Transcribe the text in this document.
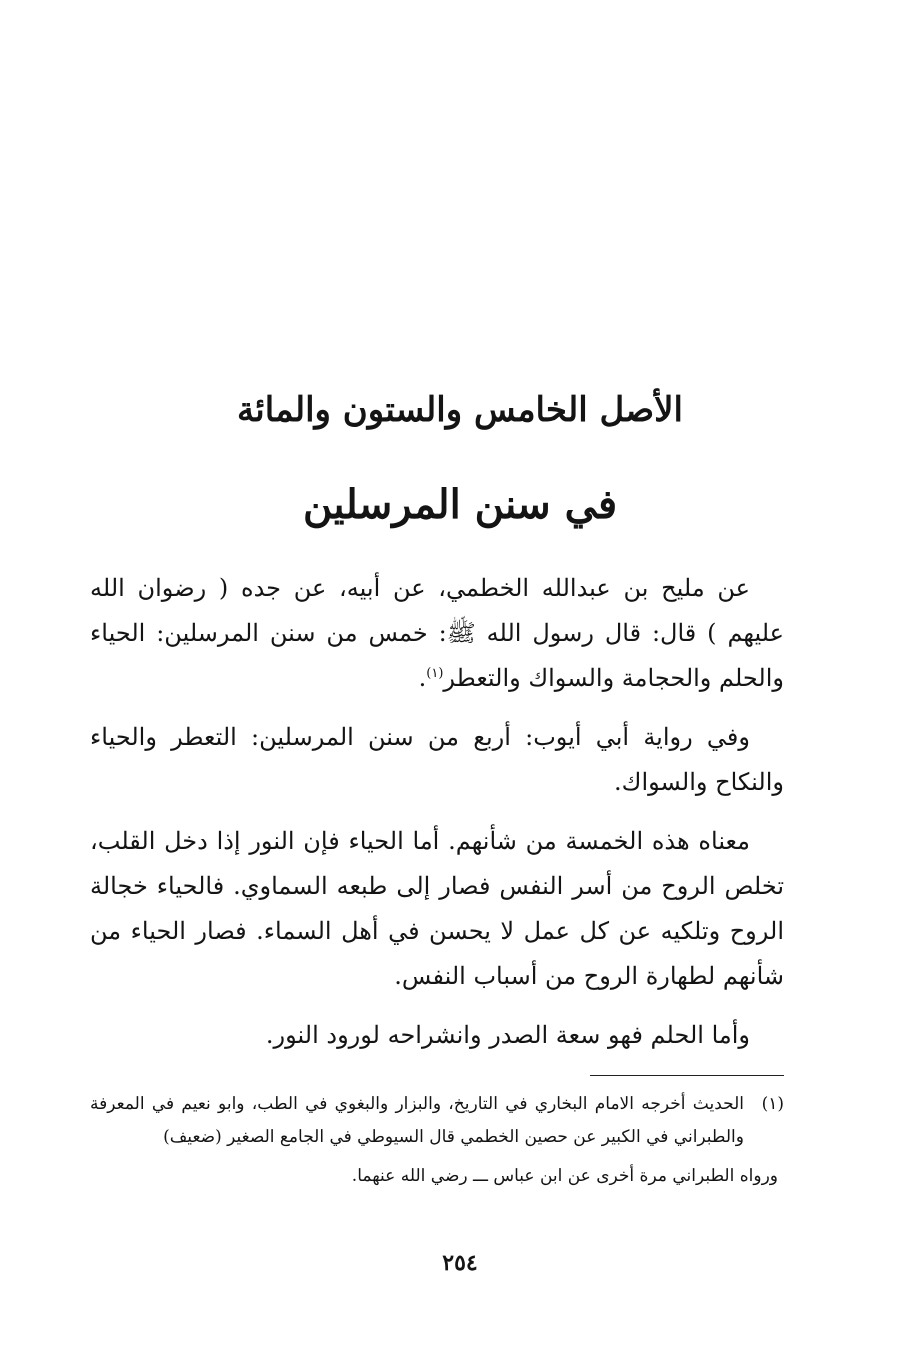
الأصل الخامس والستون والمائة
في سنن المرسلين

عن مليح بن عبدالله الخطمي، عن أبيه، عن جده ( رضوان الله عليهم ) قال: قال رسول الله ﷺ: خمس من سنن المرسلين: الحياء والحلم والحجامة والسواك والتعطر$^{(١)}$.

وفي رواية أبي أيوب: أربع من سنن المرسلين: التعطر والحياء والنكاح والسواك.

معناه هذه الخمسة من شأنهم. أما الحياء فإن النور إذا دخل القلب، تخلص الروح من أسر النفس فصار إلى طبعه السماوي. فالحياء خجالة الروح وتلكيه عن كل عمل لا يحسن في أهل السماء. فصار الحياء من شأنهم لطهارة الروح من أسباب النفس.

وأما الحلم فهو سعة الصدر وانشراحه لورود النور.

(١)الحديث أخرجه الامام البخاري في التاريخ، والبزار والبغوي في الطب، وابو نعيم في المعرفة والطبراني في الكبير عن حصين الخطمي قال السيوطي في الجامع الصغير (ضعيف)

ورواه الطبراني مرة أخرى عن ابن عباس ـــ رضي الله عنهما.

٢٥٤
